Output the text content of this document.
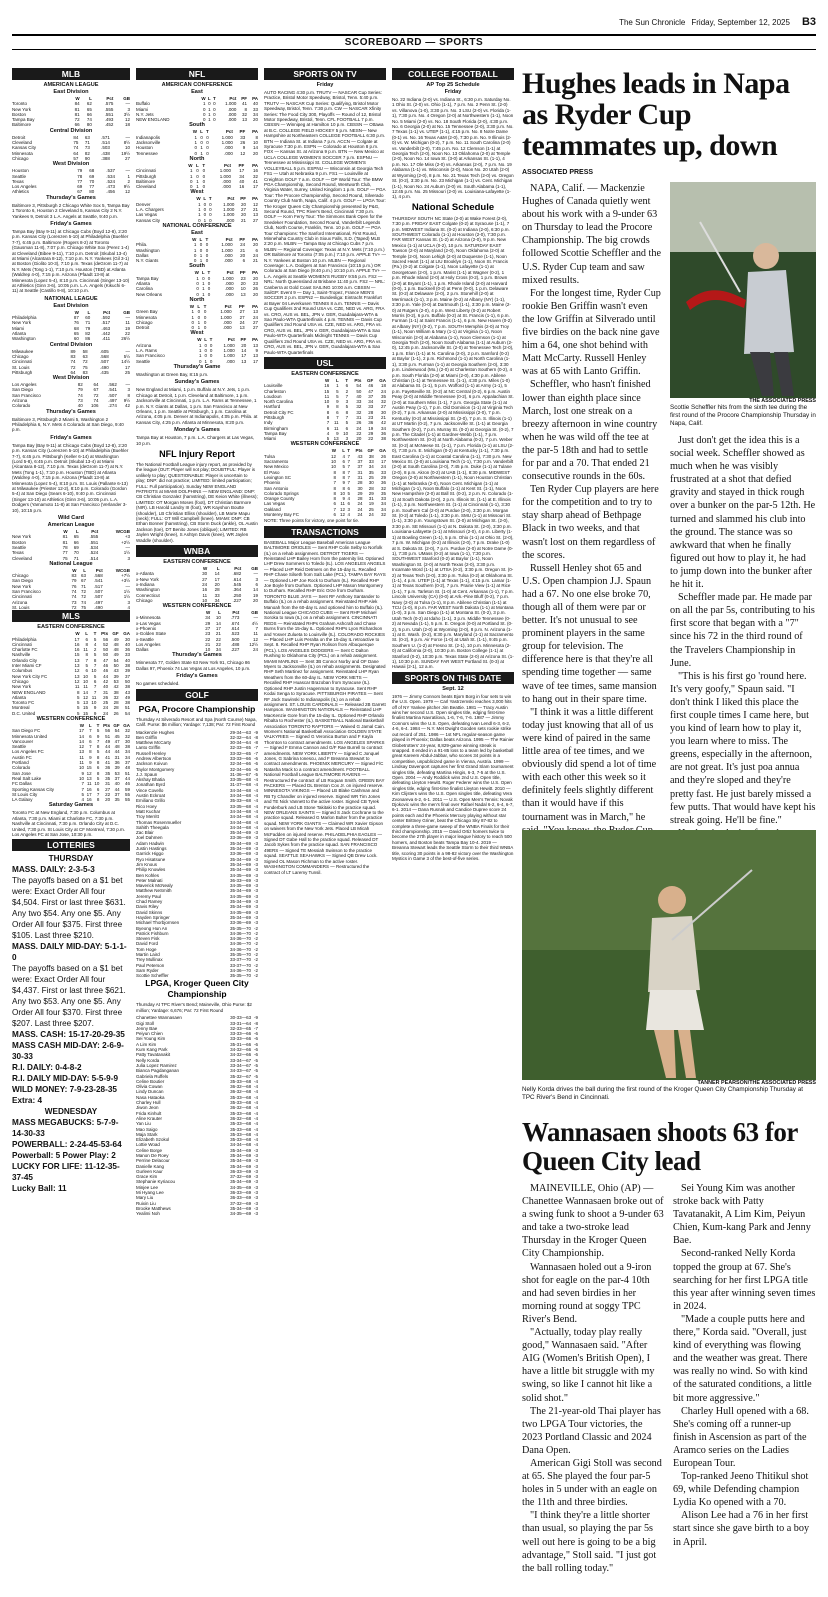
The Sun Chronicle Friday, September 12, 2025 B3
SCOREBOARD — SPORTS
MLB
AMERICAN LEAGUE
East Division
	W	L	Pct	GB
Toronto	84	62	.575	—
New York	81	65	.555	3
Boston	81	66	.551	3½
Tampa Bay	72	74	.493	12
Baltimore	66	80	.452	18
Central Division
Detroit	84	63	.571	—
Cleveland	75	71	.514	8½
Kansas City	74	73	.503	10
Minnesota	64	82	.438	19½
Chicago	57	90	.388	27
West Division
Houston	79	68	.537	—
Seattle	78	69	.534	1
Texas	77	70	.524	2
Los Angeles	69	77	.473	9½
Athletics	67	80	.456	12
Thursday's Games
Baltimore 3, Pittsburgh 2 Chicago White Sox 5, Tampa Bay 1 Toronto 6, Houston 2 Cleveland 5, Kansas City 2 N.Y. Yankees 9, Detroit 3 L.A. Angels at Seattle, 9:40 p.m.
Friday's Games
Tampa Bay (Bay 9-11) at Chicago Cubs (Boyd 12-8), 2:20 p.m. Kansas City (Lorenzen 5-10) at Philadelphia (Buehler 7-7), 6:45 p.m. Baltimore (Rogers 8-2) at Toronto (Gausman 11-8), 7:07 p.m. Chicago White Sox (Perez 1-4) at Cleveland (Bibee 9-11), 7:10 p.m. Detroit (Skubal 13-4) at Miami (Alcantara 8-12), 7:10 p.m. N.Y. Yankees (Gil 3-1) at Boston (Giolito 10-3), 7:10 p.m. Texas (deGrom 11-7) at N.Y. Mets (Tong 1-1), 7:10 p.m. Houston (TBD) at Atlanta (Waldrep 4-0), 7:15 p.m. Arizona (Pfaadt 13-8) at Minnesota (Lopez 5-4), 8:10 p.m. Cincinnati (Singer 13-10) at Athletics (Ginn 3-6), 10:05 p.m. L.A. Angels (Kikuchi 6-11) at Seattle (Castillo 9-8), 10:10 p.m.
NATIONAL LEAGUE
East Division
	W	L	Pct	GB
Philadelphia	87	60	.592	—
New York	76	71	.517	11
Miami	68	79	.463	19
Atlanta	65	82	.442	22
Washington	60	86	.411	26½
Central Division
Milwaukee	89	58	.605	—
Chicago	83	63	.568	5½
Cincinnati	74	72	.507	14½
St. Louis	72	75	.490	17
Pittsburgh	64	83	.435	25
West Division
Los Angeles	82	64	.562	—
San Diego	79	67	.541	3
San Francisco	74	72	.507	8
Arizona	73	74	.497	9½
Colorado	40	106	.274	42
Thursday's Games
Baltimore 3, Pittsburgh 2 Miami 5, Washington 2 Philadelphia 6, N.Y. Mets 4 Colorado at San Diego, 9:40 p.m.
Friday's Games
Tampa Bay (Bay 9-11) at Chicago Cubs (Boyd 12-8), 2:20 p.m. Kansas City (Lorenzen 5-10) at Philadelphia (Buehler 7-7), 6:45 p.m. Pittsburgh (Keller 6-14) at Washington (Lord 5-8), 6:45 p.m. Detroit (Skubal 13-4) at Miami (Alcantara 8-12), 7:10 p.m. Texas (deGrom 11-7) at N.Y. Mets (Tong 1-1), 7:10 p.m. Houston (TBD) at Atlanta (Waldrep 4-0), 7:15 p.m. Arizona (Pfaadt 13-8) at Minnesota (Lopez 5-4), 8:10 p.m. St. Louis (Pallante 6-13) at Milwaukee (Priester 12-2), 8:10 p.m. Colorado (Gordon 5-4) at San Diego (Sears 6-10), 9:40 p.m. Cincinnati (Singer 13-10) at Athletics (Ginn 3-6), 10:05 p.m. L.A. Dodgers (Yamamoto 11-8) at San Francisco (Verlander 3-10), 10:15 p.m.
Wild Card
American League
	W	L	Pct	WCGB
New York	81	65	.555	+3
Boston	81	66	.551	+2½
Seattle	78	69	.534	—
Texas	77	70	.524	1½
Cleveland	75	71	.514	3
National League
	W	L	Pct	WCGB
Chicago	83	63	.568	+7½
San Diego	79	67	.541	+3½
New York	76	71	.517	—
San Francisco	74	72	.507	1½
Cincinnati	74	72	.507	1½
Arizona	73	74	.497	3
St. Louis	72	75	.490	4
MLS
EASTERN CONFERENCE
	W	L	T	Pts	GF	GA
Philadelphia	17	6	5	56	49	30
Cincinnati	16	8	4	52	48	40
Charlotte FC	16	11	2	50	48	36
Nashville	15	8	5	50	49	33
Orlando City	13	7	8	47	54	40
Inter Miami CF	13	5	7	46	50	38
Columbus	12	6	10	46	43	39
New York City FC	13	10	5	44	39	37
Chicago	12	10	6	42	53	50
New York	11	11	7	40	42	38
NEW ENGLAND	8	14	7	31	38	43
Atlanta	5	12	11	26	32	49
Toronto FC	5	13	10	25	28	38
Montreal	5	15	9	24	28	51
D.C. United	5	15	9	24	26	54
WESTERN CONFERENCE
	W	L	T	Pts	GF	GA
San Diego FC	17	7	5	56	54	32
Minnesota United	14	6	9	51	45	32
Vancouver	14	6	7	49	47	30
Seattle	12	7	8	44	48	38
Los Angeles FC	13	8	5	44	44	34
Austin FC	11	9	8	41	31	34
Portland	11	9	8	41	36	37
Colorado	10	15	6	36	39	48
San Jose	9	12	8	35	53	51
Real Salt Lake	10	13	5	35	37	44
FC Dallas	7	11	10	31	40	46
Sporting Kansas City	7	16	6	27	44	59
St Louis City	5	17	7	22	37	55
LA Galaxy	4	16	8	20	35	55
Saturday Games
Toronto FC at New England, 7:30 p.m. Columbus at Atlanta, 7:30 p.m. Miami at Charlotte FC, 7:30 p.m. Nashville at Cincinnati, 7:30 p.m. Orlando City at D.C. United, 7:30 p.m. St Louis City at CF Montreal, 7:30 p.m. Los Angeles FC at San Jose, 10:30 p.m.
LOTTERIES

THURSDAY

MASS. DAILY: 2-3-5-3

The payoffs based on a $1 bet were: Exact Order All four $4,504. First or last three $631. Any two $54. Any one $5. Any Order All four $375. First three $105. Last three $210.

MASS. DAILY MID-DAY: 5-1-1-0

The payoffs based on a $1 bet were: Exact Order All four $4,437. First or last three $621. Any two $53. Any one $5. Any Order All four $370. First three $207. Last three $207.

MASS. CASH: 15-17-20-29-35

MASS CASH MID-DAY: 2-6-9-30-33

R.I. DAILY: 0-4-8-2

R.I. DAILY MID-DAY: 5-5-9-9

WILD MONEY: 7-9-23-28-35

Extra: 4

WEDNESDAY

MASS MEGABUCKS: 5-7-9-14-30-33

POWERBALL: 2-24-45-53-64

Powerball: 5 Power Play: 2

LUCKY FOR LIFE: 11-12-35-37-45

Lucky Ball: 11

NFL
AMERICAN CONFERENCE
East
	W	L	T	Pct	PF	PA
Buffalo	1	0	0	1.000	41	40
Miami	0	1	0	.000	8	33
N.Y. Jets	0	1	0	.000	32	34
NEW ENGLAND	0	1	0	.000	13	20
South
	W	L	T	Pct	PF	PA
Indianapolis	1	0	0	1.000	33	8
Jacksonville	1	0	0	1.000	26	10
Houston	0	1	0	.000	9	14
Tennessee	0	1	0	.000	12	20
North
	W	L	T	Pct	PF	PA
Cincinnati	1	0	0	1.000	17	16
Pittsburgh	1	0	0	1.000	34	32
Baltimore	0	1	0	.000	40	41
Cleveland	0	1	0	.000	16	17
West
	W	L	T	Pct	PF	PA
Denver	1	0	0	1.000	20	12
L.A. Chargers	1	0	0	1.000	27	21
Las Vegas	1	0	0	1.000	20	13
Kansas City	0	1	0	.000	21	27
NATIONAL CONFERENCE
East
	W	L	T	Pct	PF	PA
Phila.	1	0	0	1.000	24	20
Washington	1	0	0	1.000	21	6
Dallas	0	1	0	.000	20	24
N.Y. Giants	0	1	0	.000	6	21
South
	W	L	T	Pct	PF	PA
Tampa Bay	1	0	0	1.000	23	20
Atlanta	0	1	0	.000	20	23
Carolina	0	1	0	.000	10	26
New Orleans	0	1	0	.000	13	20
North
	W	L	T	Pct	PF	PA
Green Bay	1	0	0	1.000	27	13
Minnesota	1	0	0	1.000	27	24
Chicago	0	1	0	.000	24	27
Detroit	0	1	0	.000	13	27
West
	W	L	T	Pct	PF	PA
Arizona	1	0	0	1.000	20	13
L.A. Rams	1	0	0	1.000	14	9
San Francisco	1	0	0	1.000	17	13
Seattle	0	1	0	.000	13	17
Thursday's Game
Washington at Green Bay, 8:15 p.m.
Sunday's Games
New England at Miami, 1 p.m. Buffalo at N.Y. Jets, 1 p.m. Chicago at Detroit, 1 p.m. Cleveland at Baltimore, 1 p.m. Jacksonville at Cincinnati, 1 p.m. L.A. Rams at Tennessee, 1 p.m. N.Y. Giants at Dallas, 1 p.m. San Francisco at New Orleans, 1 p.m. Seattle at Pittsburgh, 1 p.m. Carolina at Arizona, 4:05 p.m. Denver at Indianapolis, 4:05 p.m. Phila. at Kansas City, 4:25 p.m. Atlanta at Minnesota, 8:20 p.m.
Monday's Games
Tampa Bay at Houston, 7 p.m. L.A. Chargers at Las Vegas, 10 p.m.
NFL Injury Report
The National Football League injury report, as provided by the league (OUT: Player will not play; DOUBTFUL: Player is unlikely to play; QUESTIONABLE: Player is uncertain to play; DNP: did not practice; LIMITED: limited participation; FULL: Full participation). Sunday NEW ENGLAND PATRIOTS at MIAMI DOLPHINS — NEW ENGLAND: DNP: CB Christian Gonzalez (hamstring), DE Keion White (illness); LIMITED: OT Morgan Moses (foot), DT Christian Barmore (NIR). LB Harold Landry III (foot), WR Kayshon Boutte (shoulder), LB Christian Elliss (shoulder), LB Marte Mapu (neck); FULL: OT Will Campbell (knee). MIAMI: DNP: CB Ethan Bonner (hamstring), CB Storm Duck (ankle), OL Austin Jackson (toe), DT Benito Jones (oblique); LIMITED: RB Jaylen Wright (knee), S Ashtyn Davis (knee), WR Jaylen Waddle (shoulder).
WNBA
EASTERN CONFERENCE
	W	L	Pct	GB
x-Atlanta	30	14	.682	—
x-New York	27	17	.614	3
x-Indiana	24	20	.545	6
Washington	16	28	.364	14
Connecticut	11	33	.250	19
Chicago	10	34	.227	20
WESTERN CONFERENCE
	W	L	Pct	GB
x-Minnesota	34	10	.773	—
x-Las Vegas	29	14	.674	4½
x-Phoenix	27	17	.614	7
x-Golden State	23	21	.523	11
x-Seattle	22	22	.500	12
Los Angeles	21	22	.488	12½
Dallas	10	34	.227	24
Thursday's Games
Minnesota 77, Golden State 63 New York 91, Chicago 86 Dallas 97, Phoenix 74 Las Vegas at Los Angeles, 10 p.m.
Friday's Games
No games scheduled.
GOLF
PGA, Procore Championship
Thursday At Silverado Resort and Spa (North Course) Napa, Calif. Purse: $6 million; Yardage: 7,138; Par: 72 First Round
Mackenzie Hughes	29-34—63	-9
Ben Griffin	32-32—64	-8
Matthew McCarty	30-34—64	-8
Lanto Griffin	32-33—65	-7
Russell Henley	33-32—65	-7
Andrew Albertson	33-33—66	-6
Jackson Koivun	32-34—66	-6
Taylor Montgomery	32-34—66	-6
J.J. Spaun	31-36—67	-5
Akshay Bhatia	33-35—68	-4
Jonathan Byrd	31-37—68	-4
Vince Covello	34-34—68	-4
Austin Eckroat	34-34—68	-4
Emiliano Grillo	35-33—68	-4
Rico Hoey	33-35—68	-4
Matt Kuchar	34-34—68	-4
Troy Merritt	34-34—68	-4
Thomas Rosenmueller	34-34—68	-4
Sahith Theegala	34-34—68	-4
Zac Blair	35-34—69	-3
Joel Dahmen	33-36—69	-3
Adam Hadwin	35-34—69	-3
Justin Hastings	35-34—69	-3
Garrick Higgo	33-36—69	-3
Ryo Hisatsune	35-34—69	-3
Jim Knous	35-34—69	-3
Philip Knowles	35-34—69	-3
Ben Kohles	34-35—69	-3
Peter Malnati	36-33—69	-3
Maverick McNealy	34-35—69	-3
Matthew NeSmith	35-34—69	-3
Jeremy Paul	34-35—69	-3
Chad Ramey	35-34—69	-3
Davis Riley	35-34—69	-3
David Skinns	34-35—69	-3
Hayden Springer	35-34—69	-3
Michael Thorbjornsen	33-36—69	-3
Byeong Hun An	35-35—70	-2
Patrick Fishburn	34-36—70	-2
Steven Fisk	34-36—70	-2
David Ford	34-36—70	-2
Tom Hoge	34-36—70	-2
Martin Laird	35-35—70	-2
Trey Mullinax	33-37—70	-2
Paul Peterson	33-37—70	-2
Sam Ryder	34-36—70	-2
Scottie Scheffler	35-35—70	-2
LPGA, Kroger Queen City Championship
Thursday At TPC River's Bend; Maineville, Ohio Purse: $2 million; Yardage: 6,676; Par: 72 First Round
Chanettee Wannasaen	30-33—63	-9
Gigi Stoll	33-31—64	-8
Jenny Bae	32-33—65	-7
Peiyun Chien	33-33—66	-6
Sei Young Kim	33-33—66	-6
A Lim Kim	35-31—66	-6
Kum Kang Park	34-32—66	-6
Patty Tavatanakit	34-32—66	-6
Nelly Korda	33-34—67	-5
Julia Lopez Ramirez	33-34—67	-5
Bianca Pagdanganan	34-33—67	-5
Gabriela Ruffels	35-32—67	-5
Celine Boutier	35-33—68	-4
Olivia Cowan	36-32—68	-4
Lindy Duncan	36-32—68	-4
Nasa Hataoka	35-33—68	-4
Charley Hull	35-33—68	-4
Jiwon Jeon	36-32—68	-4
Frida Kinhult	35-33—68	-4
Aline Krauter	36-32—68	-4
Yan Liu	35-33—68	-4
Mao Saigo	35-33—68	-4
Maja Stark	35-33—68	-4
Elizabeth Szokol	35-33—68	-4
Lottie Woad	34-34—68	-4
Celine Borge	35-34—69	-3
Manon De Roey	35-34—69	-3
Perrine Delacour	35-34—69	-3
Danielle Kang	35-34—69	-3
Gurleen Kaur	36-33—69	-3
Grace Kim	37-32—69	-3
Stephanie Kyriacou	35-34—69	-3
Minjee Lee	34-35—69	-3
Mi Hyang Lee	36-33—69	-3
Mary Liu	36-33—69	-3
Ruixin Liu	37-32—69	-3
Brooke Matthews	35-34—69	-3
Yealimi Noh	34-35—69	-3
SPORTS ON TV
Friday
AUTO RACING 4:30 p.m. TRUTV — NASCAR Cup Series: Practice, Bristol Motor Speedway, Bristol, Tenn. 5:40 p.m. TRUTV — NASCAR Cup Series: Qualifying, Bristol Motor Speedway, Bristol, Tenn. 7:30 p.m. CW — NASCAR Xfinity Series: The Food City 300, Playoffs — Round of 12, Bristol Motor Speedway, Bristol, Tenn. CFL FOOTBALL 7 p.m. CBSSN — Winnipeg at Hamilton 10 p.m. CBSSN — Ottawa at B.C. COLLEGE FIELD HOCKEY 5 p.m. NESN— New Hampshire at Northeastern COLLEGE FOOTBALL 6:30 p.m. BTN — Indiana St. at Indiana 7 p.m. ACCN — Colgate at Syracuse 7:30 p.m. ESPN — Colorado at Houston 8 p.m. FOX — Kansas St. at Arizona 9 p.m. BTN — New Mexico at UCLA COLLEGE WOMEN'S SOCCER 7 p.m. ESPNU — Tennessee at Mississippi St. COLLEGE WOMEN'S VOLLEYBALL 5 p.m. ESPNU — Wisconsin at Georgia Tech FS1 — Utah at Nebraska 9 p.m. FS1 — Louisville at Creighton GOLF 7 a.m. GOLF — DP World Tour: The BMW PGA Championship, Second Round, Wentworth Club, Virginia Water, Surrey, United Kingdom 1 p.m. GOLF — PGA Tour: The Procore Championship, Second Round, Silverado Country Club North, Napa, Calif. 4 p.m. GOLF — LPGA Tour: The Kroger Queen City Championship presented by P&G, Second Round, TPC River's Bend, Cincinnati 7:30 p.m. GOLF — Korn Ferry Tour: The Simmons Bank Open for the Snedeker Foundation, Second Round, Vanderbilt Legends Club, North Course, Franklin, Tenn. 10 p.m. GOLF — PGA Tour Champions: The Sanford International, First Round, Minnehaha Country Club in Sioux Falls, S.D. (Taped) MLB 2:20 p.m. MLBN — Tampa Bay at Chicago Cubs 7 p.m. MLBN — Regional Coverage: Texas at N.Y. Mets (7:10 p.m.) OR Baltimore at Toronto (7:05 p.m.) 7:10 p.m. APPLE TV+ — N.Y. Yankees at Boston 10 p.m. MLBN — Regional Coverage: L.A. Dodgers at San Francisco (10:15 p.m.) OR Colorado at San Diego (9:40 p.m.) 10:10 p.m. APPLE TV+ — L.A. Angels at Seattle WOMEN'S RUGBY 9:55 p.m. FS2 — NRL: North Queensland at Brisbane 11:40 p.m. FS2 — NRL: Canberra at Gold Coast SAILING 10:00 a.m. CBSSN — SailGP: Event 9 — Day 1, Saint-Tropez, France MEN'S SOCCER 2 p.m. ESPN2 — Bundesliga: Eintracht Frankfurt at Bayer 04 Leverkusen TENNIS 8 a.m. TENNIS — Davis Cup Qualifiers 2nd Round USA vs. CZE, NED vs. ARG, FRA vs. CRO, AUS vs. BEL, JPN v. GER, Guadalajara-WTA & Sao Paulo-WTA Quarterfinals 4 p.m. TENNIS — Davis Cup Qualifiers 2nd Round USA vs. CZE, NED vs. ARG, FRA vs. CRO, AUS vs. BEL, JPN v. GER, Guadalajara-WTA & Sao Paulo-WTA Quarterfinals Midnight TENNIS — Davis Cup Qualifiers 2nd Round USA vs. CZE, NED vs. ARG, FRA vs. CRO, AUS vs. BEL, JPN v. GER, Guadalajara-WTA & Sao Paulo-WTA Quarterfinals
USL
EASTERN CONFERENCE
	W	L	T	Pts	GF	GA
Louisville	16	1	6	54	46	18
Charleston	15	5	2	50	47	24
Loudoun	11	5	7	40	37	35
North Carolina	10	9	3	33	34	32
Hartford	9	8	5	32	33	27
Detroit City FC	8	6	8	32	28	30
Pittsburgh	8	7	7	31	23	21
Indy	7	11	5	26	36	42
Birmingham	6	11	6	24	19	34
Tampa Bay	4	9	10	22	29	36
Miami	5	13	3	20	22	38
WESTERN CONFERENCE
	W	L	T	Pts	GF	GA
Tulsa	12	4	7	43	38	26
Sacramento	10	6	7	37	33	17
New Mexico	10	5	7	37	34	24
El Paso	8	8	7	31	35	33
Lexington SC	8	8	7	31	25	29
Phoenix	7	9	7	28	30	36
San Antonio	8	8	6	30	28	32
Colorado Springs	8	10	5	29	29	35
Orange County	8	9	4	28	31	33
Las Vegas	6	11	6	24	19	34
Oakland	7	12	3	24	25	34
Monterey Bay FC	6	12	4	24	24	32
NOTE: Three points for victory, one point for tie.
TRANSACTIONS
BASEBALL Major League Baseball American League BALTIMORE ORIOLES — Sent RHP Colin Selby to Norfolk (IL) on a rehab assignment. DETROIT TIGERS — Reinstated LHP Bailey Horn from the paternity list. Optioned LHP Drew Sommers to Toledo (IL). LOS ANGELES ANGELS — Placed LHP Reid Detmers on the 15-day IL. Recalled RHP Chase Silseth from Salt Lake (PCL). TAMPA BAY RAYS — Optioned LHP Joe Rock to Durham (IL). Recalled RHP Joe Boyle from Durham. Optioned LHP Mason Montgomery to Durham. Recalled RHP Eric Orze from Durham. TORONTO BLUE JAYS — Sent RF Anthony Santander to Buffalo (IL) on a rehab assignment. Reinstated RHP Alek Manoah from the 60-day IL and optioned him to Buffalo (IL). National League CHICAGO CUBS — Sent RHP Michael Soroka to Iowa (IL) on a rehab assignment. CINCINNATI REDS — Reinstated RHPs Graham Ashcraft and Chase Burns from the 15-day IL. Optioned RHPs Lyon Richardson and Yosver Zulueta to Louisville (IL). COLORADO ROCKIES — Placed LHP Luis Peralta on the 15-day IL retroactive to Sept. 8. Recalled RHP Ryan Rolison from Albuquerque (PCL). LOS ANGELES DODGERS — Sent C Dalton Rushing to Oklahoma City (PCL) on a rehab assignment. MIAMI MARLINS — Sent 3B Connor Norby and OF Dane Myers to Jacksonville (IL) on rehab assignments. Designated RHP Seth Martinez for assignment. Reinstated LHP Ryan Weathers from the 60-day IL. NEW YORK METS — Recalled RHP Huascar Brazoban from Syracuse (IL). Optioned RHP Justin Hagenman to Syracuse. Sent RHP Kodai Senga to Syracuse. PITTSBURGH PIRATES — Sent RF Jack Suwinski to Indianapolis (IL) on a rehab assignment. ST. LOUIS CARDINALS — Released 2B Garrett Hampson. WASHINGTON NATIONALS — Reinstated LHP MacKenzie Gore from the 15-day IL. Optioned RHP Orlando Ribalta to Rochester (IL). BASKETBALL National Basketball Association TORONTO RAPTORS — Waived G Jamal Cain. Women's National Basketball Association GOLDEN STATE VALKYRIES — Signed G Veronica Burton and F Kayla Thornton to contract amendments. LOS ANGELES SPARKS — Signed F Emma Cannon and G/F Rae Burrell to contract amendments. NEW YORK LIBERTY — Signed C Jonquel Jones, G Sabrina Ionescu, and F Breanna Stewart to contract amendments. PHOENIX MERCURY — Signed F/C Natasha Mack to a contract amendment. FOOTBALL National Football League BALTIMORE RAVENS — Restructured the contract of LB Roquan Smith. GREEN BAY PACKERS — Placed DL Brenton Cox Jr. on injured reserve. MINNESOTA VIKINGS — Placed LB Blake Cashman and RB Ty Chandler on injured reserve. Signed WR Tim Jones and TE Nick Vannett to the active roster. Signed CB Tyrek Funderburk and LB Stone Takitaki to the practice squad. NEW ORLEANS SAINTS — Signed S Jack Cochrane to the practice squad. Released G Marlon Bulter from the practice squad. NEW YORK GIANTS — Claimed WR Xavier Gipson on waivers from the New York Jets. Placed LB Micah McFadden on injured reserve. PHILADELPHIA EAGLES — Signed DT Gabe Hall to the practice squad. Released DT Jacob Sykes from the practice squad. SAN FRANCISCO 49ERS — Signed TE Messiah Swinson to the practice squad. SEATTLE SEAHAWKS — Signed QB Drew Lock. Signed OL Mason Richman to the active roster. WASHINGTON COMMANDERS — Restructured the contract of LT Laremy Tunsil.
COLLEGE FOOTBALL
AP Top 25 Schedule
Friday
No. 22 Indiana (2-0) vs. Indiana St., 6:30 p.m. Saturday No. 1 Ohio St. (2-0) vs. Ohio (1-1), 7 p.m. No. 2 Penn St. (2-0) vs. Villanova (1-0), 3:30 p.m. No. 3 LSU (2-0) vs. Florida (1-1), 7:30 p.m. No. 4 Oregon (2-0) at Northwestern (1-1), Noon No. 5 Miami (2-0) vs. No. 18 South Florida (2-0), 4:30 p.m. No. 6 Georgia (2-0) at No. 15 Tennessee (2-0), 3:30 p.m. No. 7 Texas (1-1) vs. UTEP (1-1), 4:15 p.m. No. 8 Notre Dame (0-1) vs. No. 16 Texas A&M (2-0), 7:30 p.m. No. 9 Illinois (2-0) vs. W. Michigan (0-2), 7 p.m. No. 11 South Carolina (2-0) vs. Vanderbilt (2-0), 7:45 p.m. No. 12 Clemson (1-1) at Georgia Tech (2-0), Noon No. 13 Oklahoma (2-0) at Temple (2-0), Noon No. 14 Iowa St. (3-0) at Arkansas St. (1-1), 4 p.m. No. 17 Ole Miss (2-0) vs. Arkansas (2-0), 7 p.m. No. 19 Alabama (1-1) vs. Wisconsin (2-0), Noon No. 20 Utah (2-0) at Wyoming (2-0), 8 p.m. No. 21 Texas Tech (2-0) vs. Oregon St. (0-2), 3:30 p.m. No. 23 Michigan (1-1) vs. Cent. Michigan (1-1), Noon No. 24 Auburn (2-0) vs. South Alabama (1-1), 12:45 p.m. No. 25 Missouri (2-0) vs. Louisiana-Lafayette (1-1), 4 p.m.
National Schedule
THURSDAY SOUTH NC State (2-0) at Wake Forest (2-0), 7:30 p.m. FRIDAY EAST Colgate (0-2) at Syracuse (1-1), 7 p.m. MIDWEST Indiana St. (0-2) at Indiana (2-0), 6:30 p.m. SOUTHWEST Colorado (1-1) at Houston (2-0), 7:30 p.m. FAR WEST Kansas St. (1-2) at Arizona (2-0), 9 p.m. New Mexico (1-1) at UCLA (0-2), 10 p.m. SATURDAY EAST Towson (2-0) at Maryland (2-0), Noon Oklahoma (2-0) at Temple (2-0), Noon Lehigh (2-0) at Duquesne (1-1), Noon Sacred Heart (1-1) at LIU Brooklyn (1-1), Noon St. Francis (Pa.) (0-2) at Colgate (1-1), Noon Lafayette (1-1) at Georgetown (2-0), 1 p.m. Marist (1-1) at Wagner (0-2), 1 p.m. Rhode Island (2-0) at Holy Cross (0-2), 1 p.m. Brown (2-0) at Bryant (1-1), 1 p.m. Rhode Island (2-0) at Harvard (0-0), 1 p.m. Bucknell (0-2) at Penn (0-0), 1 p.m. Delaware St. (0-2) at Delaware (2-0), 2 p.m. Stonehill (2-0) at Merrimack (1-1), 3 p.m. Maine (0-2) at Albany (NY) (1-1), 3:30 p.m. Yale (0-0) at Dartmouth (1-1), 3:30 p.m. Maine (2-0) at Rutgers (2-0), 4 p.m. West Liberty (0-2) at Robert Morris (0-2), 6 p.m. Buffalo (0-2) at St. Francis (1-1), 6 p.m. Furman (1-1) at Saint Francis (1-1), 6 p.m. New Haven (0-2) at Albany (NY) (0-2), 7 p.m. SOUTH Memphis (2-0) at Troy (1-1), Noon William & Mary (1-1) at Virginia (1-1), Noon Wisconsin (2-0) at Alabama (1-1), Noon Clemson (1-1) at Georgia Tech (2-0), Noon South Alabama (1-1) at Auburn (2-0), 12:45 p.m. Jacksonville St. (2-0) at Tennessee Tech (2-0), 1 p.m. Elon (1-1) at N. Carolina (2-0), 2 p.m. Samford (0-2) at Baylor (1-1), 2 p.m. Richmond (1-1) at North Carolina (1-1), 3:30 p.m. Furman (1-1) at Georgia Southern (2-0), 3:30 p.m. Lindenwood (Mo.) (2-0) at Charleston Southern (0-2), 4 p.m. South Florida (2-0) at Miami (2-0), 4:30 p.m. Abilene Christian (1-1) at Tennessee St. (1-1), 4:30 p.m. Miles (1-0) at Alabama St. (1-1), 5 p.m. Wofford (1-1) at Army (1-1), 5 p.m. Fayetteville St. (0-2) at NC Central (0-2), 6 p.m. Austin Peay (2-0) at Middle Tennessee (0-2), 6 p.m. Appalachian St. (2-0) at Southern Miss (1-1), 7 p.m. Georgia State (1-1) at Austin Peay (1-1), 7 p.m. Old Dominion (1-1) at Virginia Tech (0-2), 7 p.m. Arkansas (2-0) at Mississippi (2-0), 7 p.m. Kentucky (0-2) at Mississippi St. (2-0), 7 p.m. S. Illinois (1-1) at UT Martin (0-2), 7 p.m. Jacksonville St. (1-1) at Georgia Southern (0-2), 7 p.m. Murray St. (0-2) at Georgia St. (0-2), 7 p.m. The Citadel (1-1) at Gardner-Webb (1-1), 7 p.m. Northwestern St. (0-2) at North Alabama (0-2), 7 p.m. Weber St. (0-2) at McNeese St. (1-1), 7 p.m. Florida (1-1) at LSU (2-0), 7:30 p.m. E. Michigan (0-2) at Kentucky (1-1), 7:30 p.m. East Carolina (1-1) at Coastal Carolina (1-1), 7:30 p.m. New Mexico St. (2-0) at Louisiana Tech (1-1), 7:30 p.m. Vanderbilt (2-0) at South Carolina (2-0), 7:45 p.m. Duke (1-1) at Tulane (2-0), 8 p.m. Akron (0-2) at UAB (1-1), 8:30 p.m. MIDWEST Oregon (2-0) at Northwestern (1-1), Noon Houston Christian (1-1) at Nebraska (2-0), Noon Cent. Michigan (1-1) at Michigan (1-1), Noon Buffalo (1-1) at Kent St. (1-1), Noon New Hampshire (2-0) at Ball St. (0-2), 2 p.m. N. Colorado (1-1) at South Dakota (2-0), 2 p.m. Illinois St. (1-1) at E. Illinois (1-1), 3 p.m. Northwestern St. (1-1) at Cincinnati (1-1), 3:30 p.m. Southern Cal (2-0) at Purdue (2-0), 3:30 p.m. Morgan St. (0-2) at Toledo (1-1), 3:30 p.m. SMU (1-1) at Missouri St. (1-1), 3:30 p.m. Youngstown St. (2-0) at Michigan St. (2-0), 3:30 p.m. SE Missouri (1-1) at N. Dakota St. (2-0), 3:30 p.m. Louisiana-Lafayette (1-1) at Missouri (2-0), 4 p.m. Liberty (1-1) at Bowling Green (1-1), 5 p.m. Ohio (1-1) at Ohio St. (2-0), 7 p.m. W. Michigan (0-2) at Illinois (2-0), 7 p.m. Drake (1-0) at S. Dakota St. (2-0), 7 p.m. Purdue (2-0) at Notre Dame (0-1), 7:30 p.m. UMass (0-2) at Iowa (1-1), 7:30 p.m. SOUTHWEST Stanford (0-2) at Baylor (1-1), Noon Washington St. (2-0) at North Texas (2-0), 3:30 p.m. Incarnate Word (1-1) at UTSA (0-2), 3:30 p.m. Oregon St. (0-2) at Texas Tech (2-0), 3:30 p.m. Tulsa (0-2) at Oklahoma St. (1-1), 4 p.m. UTEP (1-1) at Texas (1-1), 4:15 p.m. Lamar (1-1) at Texas Southern (0-2), 7 p.m. Prairie View (1-1) at Rice (1-1), 7 p.m. Tarleton St. (1-0) at Cent. Arkansas (1-1), 7 p.m. Lincoln University (CA) (0-0) at Ark.-Pine Bluff (0-2), 7 p.m. Navy (2-0) at Tulsa (1-1), 8 p.m. Abilene Christian (1-1) at TCU (1-0), 8 p.m. FAR WEST North Dakota (1-1) at Montana (1-0), 3 p.m. San Diego (1-1) at Montana St. (0-2), 3 p.m. Utah Tech (0-2) at Idaho (1-1), 3 p.m. Middle Tennessee (0-2) at Nevada (1-1), 5 p.m. E. Oregon (0-0) at Portland St. (0-2), 5 p.m. Utah (2-0) at Wyoming (2-0), 8 p.m. N. Arizona (1-1) at E. Wash. (0-2), 8:30 p.m. Maryland (1-1) at Sacramento St. (0-2), 9 p.m. Air Force (1-0) at Utah St. (1-1), 9:45 p.m. Southern U. (1-2) at Fresno St. (2-1), 10 p.m. Minnesota (2-0) at California (2-0), 10:30 p.m. Boston College (1-1) at Stanford (0-2), 10:30 p.m. Texas State (2-0) at Arizona St. (1-1), 10:30 p.m. SUNDAY FAR WEST Portland St. (0-3) at Hawaii (2-1), 12 a.m.
SPORTS ON THIS DATE
Sept. 12
1976 — Jimmy Connors beats Bjorn Borg in four sets to win the U.S. Open. 1979 — Carl Yastrzemski reaches 3,000 hits off of NY Yankee pitcher Jim Beattie. 1981 — Tracy Austin wins her second U.S. Open singles title, edging first-time finalist Martina Navratilova, 1-6, 7-6, 7-6. 1987 — Jimmy Connors wins the U.S. Open, defeating Ivan Lendl 6-3, 6-2, 4-6, 6-4. 1984 — N.Y. Met Dwight Gooden sets rookie strike out record of 251. 1986 — 1st NFL regular-season game played in Phoenix; Dallas beats Arizona. 1995 — The Rainier Globetrotters' 24-year, 8,829-game winning streak is snapped. It ended in a 91-85 loss to a team led by basketball great Kareem Abdul-Jabbar, who scores 34 points in a competitive, unpublicized game in Vienna, Austria. 1999 — Lindsay Davenport captures her first Grand Slam tournament singles title, defeating Martina Hingis, 6-3, 7-5 at the U.S. Open. 2004 — Andy Roddick wins 2nd U.S. Open title, defeating Lleyton Hewitt. Roger Federer wins the U.S. Open singles title, edging first-time finalist Lleyton Hewitt. 2010 — Kim Clijsters wins the U.S. Open singles title, defeating Vera Zvonareva 6-2, 6-1. 2011 — U.S. Open Men's Tennis: Novak Djokovic wins the men's final over Rafael Nadal 6-2, 6-4, 6-7, 6-1. 2014 — Dana Rusnak and Candice Dupree score 24 points each and the Phoenix Mercury playing without star center Brittney Griner, beat the Chicago Sky 87-82 to complete a three-game sweep of the WNBA Finals for their third championship. 2015 — David Ortiz homers twice to become the 27th player in major league history to reach 500 homers, and Boston beats Tampa Bay 10-4. 2019 — Breanna Stewart leads the Seattle Storm to their third WNBA title, scoring 30 points in a 98-82 victory over the Washington Mystics in Game 3 of the best-of-five series.
Hughes leads in Napa as Ryder Cup teammates up, down
ASSOCIATED PRESS

NAPA, Calif. — Mackenzie Hughes of Canada quietly went about his work with a 9-under 63 on Thursday to lead the Procore Championship. The big crowds followed Scottie Scheffler and the U.S. Ryder Cup team and saw mixed results.

For the longest time, Ryder Cup rookie Ben Griffin wasn't even the low Griffin at Silverado until five birdies on the back nine gave him a 64, one shot behind with Matt McCarty. Russell Henley was at 65 with Lanto Griffin.

Scheffler, who hasn't finished lower than eighth place since March, lost one streak on a breezy afternoon in wine country when he was wild off the tee at the par-5 18th and had to settle for par and a 70. That ended 21 consecutive rounds in the 60s.

Ten Ryder Cup players are here for the competition and to try to stay sharp ahead of Bethpage Black in two weeks, and that wasn't lost on them regardless of the scores.

Russell Henley shot 65 and U.S. Open champion J.J. Spaun had a 67. No one else broke 70, though all of them were par or better. It's not unusual to see prominent players in the same group for television. The difference here is that they're all spending time together — same wave of tee times, same mansion to hang out in their spare time.

"I think it was a little different today just knowing that all of us were kind of paired in the same little area of tee times, and we obviously did spend a lot of time with each other this week so it definitely feels slightly different than it would have if this tournament was in March," he

THE ASSOCIATED PRESS
Scottie Scheffler hits from the sixth tee during the first round of the Procore Championship Thursday in Napa, Calif.

Just don't get the idea this is a social week. Scheffler showed as much when he was visibly frustrated at a shot that defied gravity and stayed in thick rough over a bunker on the par-5 12th. He turned and slammed his club into the ground. The stance was so awkward that when he finally figured out how to play it, he had to jump down into the bunker after he hit it.

Scheffler made par. He made par on all the par 5s, contributing to his first score that began with a "7" since his 72 in the third round of the Travelers Championship in June.

"This is his first go 'round here. It's very goofy," Spaun said. "I don't think I liked this place the first couple times I came here, but you kind of learn how to play it, you learn where to miss. The greens, especially in the afternoon, are not great. It's just poa annua and they're sloped and they're pretty fast. He just barely missed a few putts. That would have kept his streak going. He'll be fine."

TANNER PEARSON/THE ASSOCIATED PRESS
Nelly Korda drives the ball during the first round of the Kroger Queen City Championship Thursday at TPC River's Bend in Cincinnati.
Wannasaen shoots 63 for Queen City lead

MAINEVILLE, Ohio (AP) — Chanettee Wannasaen broke out of a swing funk to shoot a 9-under 63 and take a two-stroke lead Thursday in the Kroger Queen City Championship.

Wannasaen holed out a 9-iron shot for eagle on the par-4 10th and had seven birdies in her morning round at soggy TPC River's Bend.

"Actually, today play really good," Wannasaen said. "After AIG (Women's British Open), I have a little bit struggle with my swing, so like I cannot hit like a solid shot."

The 21-year-old Thai player has two LPGA Tour victories, the 2023 Portland Classic and 2024 Dana Open.

American Gigi Stoll was second at 65. She played the four par-5 holes in 5 under with an eagle on the 11th and three birdies.

"I think they're a little shorter than usual, so playing the par 5s well out here is going to be a big advantage," Stoll said. "I just got the ball rolling today."

Sei Young Kim was another stroke back with Patty Tavatanakit, A Lim Kim, Peiyun Chien, Kum-kang Park and Jenny Bae.

Second-ranked Nelly Korda topped the group at 67. She's searching for her first LPGA title this year after winning seven times in 2024.

"Made a couple putts here and there," Korda said. "Overall, just kind of everything was flowing and the weather was great. There was really no wind. So with kind of the saturated conditions, a little bit more aggressive."

Charley Hull opened with a 68. She's coming off a runner-up finish in Ascension as part of the Aramco series on the Ladies European Tour.

Top-ranked Jeeno Thitikul shot 69, while Defending champion Lydia Ko opened with a 70.

Alison Lee had a 76 in her first start since she gave birth to a boy in April.
